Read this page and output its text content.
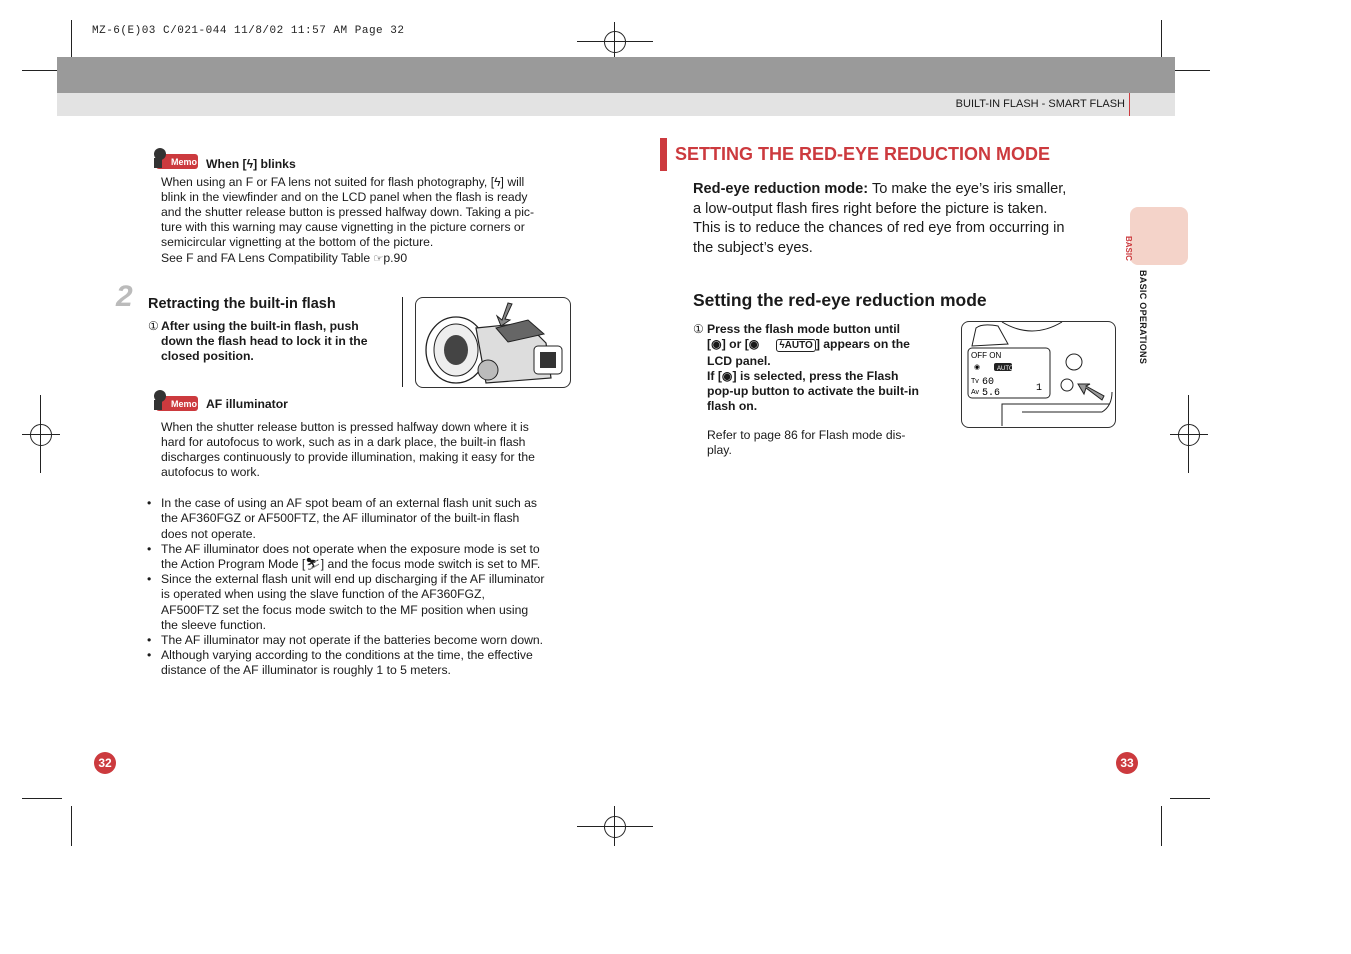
MZ-6(E)03 C/021-044 11/8/02 11:57 AM Page 32
BUILT-IN FLASH - SMART FLASH
Memo When [ϟ] blinks
When using an F or FA lens not suited for flash photography, [ϟ] will
blink in the viewfinder and on the LCD panel when the flash is ready
and the shutter release button is pressed halfway down. Taking a pic-
ture with this warning may cause vignetting in the picture corners or
semicircular vignetting at the bottom of the picture.
See F and FA Lens Compatibility Table ☞p.90
2 Retracting the built-in flash
① After using the built-in flash, push
down the flash head to lock it in the
closed position.
Memo AF illuminator
When the shutter release button is pressed halfway down where it is
hard for autofocus to work, such as in a dark place, the built-in flash
discharges continuously to provide illumination, making it easy for the
autofocus to work.
• In the case of using an AF spot beam of an external flash unit such as
the AF360FGZ or AF500FTZ, the AF illuminator of the built-in flash
does not operate.
• The AF illuminator does not operate when the exposure mode is set to
the Action Program Mode [⛷] and the focus mode switch is set to MF.
• Since the external flash unit will end up discharging if the AF illuminator
is operated when using the slave function of the AF360FGZ,
AF500FTZ set the focus mode switch to the MF position when using
the sleeve function.
• The AF illuminator may not operate if the batteries become worn down.
• Although varying according to the conditions at the time, the effective
distance of the AF illuminator is roughly 1 to 5 meters.
32
SETTING THE RED-EYE REDUCTION MODE
Red-eye reduction mode: To make the eye’s iris smaller,
a low-output flash fires right before the picture is taken.
This is to reduce the chances of red eye from occurring in
the subject’s eyes.
Setting the red-eye reduction mode
① Press the flash mode button until
[◉] or [◉ ϟAUTO ] appears on the
LCD panel.
If [◉] is selected, press the Flash
pop-up button to activate the built-in
flash on.
Refer to page 86 for Flash mode dis-
play.
OFF ON
◉	AUTO
Tv 60
Av 5.6	1
BASIC
BASIC OPERATIONS
33
